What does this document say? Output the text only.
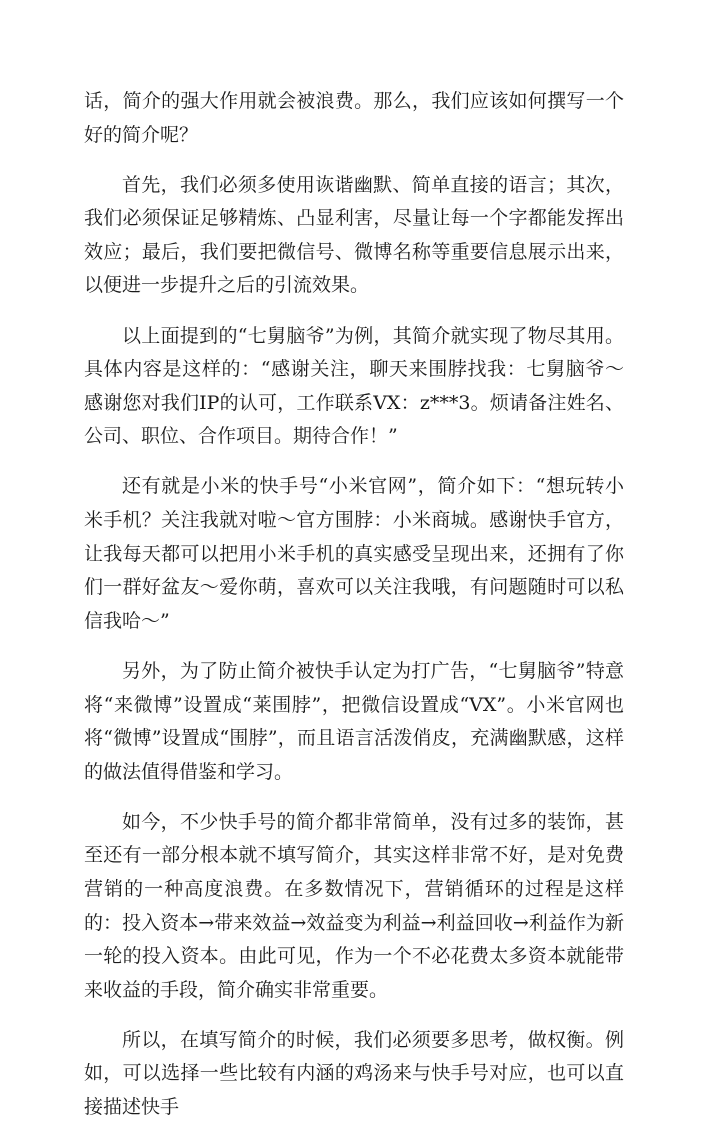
话，简介的强大作用就会被浪费。那么，我们应该如何撰写一个好的简介呢？

首先，我们必须多使用诙谐幽默、简单直接的语言；其次，我们必须保证足够精炼、凸显利害，尽量让每一个字都能发挥出效应；最后，我们要把微信号、微博名称等重要信息展示出来，以便进一步提升之后的引流效果。

以上面提到的“七舅脑爷”为例，其简介就实现了物尽其用。具体内容是这样的：“感谢关注，聊天来围脖找我：七舅脑爷～感谢您对我们IP的认可，工作联系VX：z***3。烦请备注姓名、公司、职位、合作项目。期待合作！”

还有就是小米的快手号“小米官网”，简介如下：“想玩转小米手机？关注我就对啦～官方围脖：小米商城。感谢快手官方，让我每天都可以把用小米手机的真实感受呈现出来，还拥有了你们一群好盆友～爱你萌，喜欢可以关注我哦，有问题随时可以私信我哈～”

另外，为了防止简介被快手认定为打广告，“七舅脑爷”特意将“来微博”设置成“莱围脖”，把微信设置成“VX”。小米官网也将“微博”设置成“围脖”，而且语言活泼俏皮，充满幽默感，这样的做法值得借鉴和学习。

如今，不少快手号的简介都非常简单，没有过多的装饰，甚至还有一部分根本就不填写简介，其实这样非常不好，是对免费营销的一种高度浪费。在多数情况下，营销循环的过程是这样的：投入资本→带来效益→效益变为利益→利益回收→利益作为新一轮的投入资本。由此可见，作为一个不必花费太多资本就能带来收益的手段，简介确实非常重要。

所以，在填写简介的时候，我们必须要多思考，做权衡。例如，可以选择一些比较有内涵的鸡汤来与快手号对应，也可以直接描述快手
